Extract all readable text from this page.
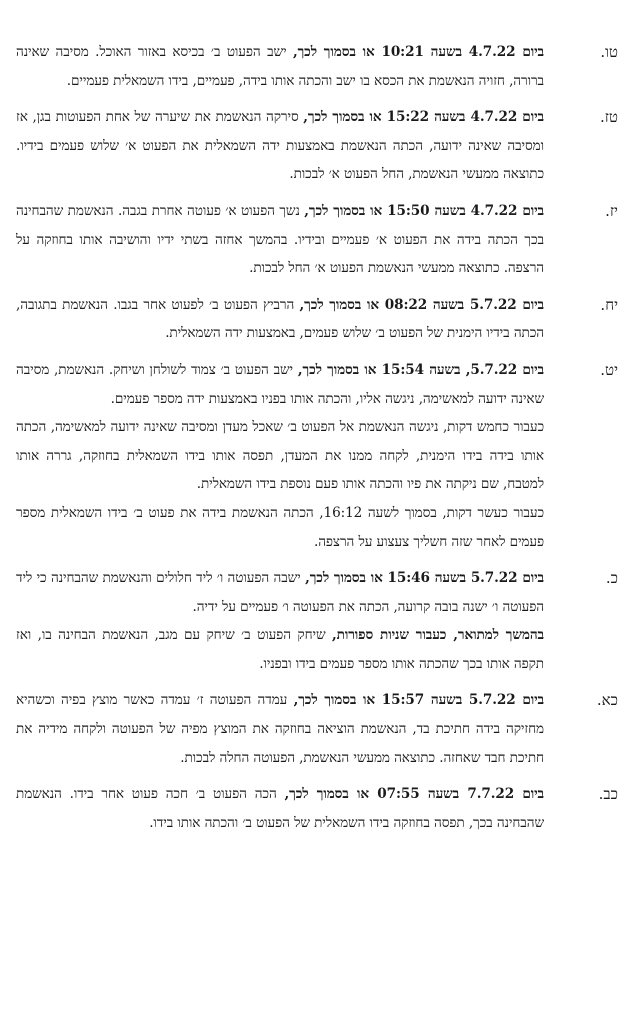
טו.

ביום 4.7.22 בשעה 10:21 או בסמוך לכך, ישב הפעוט ב׳ בכיסא באזור האוכל. מסיבה שאינה ברורה, חזויה הנאשמת את הכסא בו ישב והכתה אותו בידה, פעמיים, בידו השמאלית פעמיים.

טז.

ביום 4.7.22 בשעה 15:22 או בסמוך לכך, סירקה הנאשמת את שיערה של אחת הפעוטות בגן, אז ומסיבה שאינה ידועה, הכתה הנאשמת באמצעות ידה השמאלית את הפעוט א׳ שלוש פעמים בידיו. כתוצאה ממעשי הנאשמת, החל הפעוט א׳ לבכות.

יז.

ביום 4.7.22 בשעה 15:50 או בסמוך לכך, נשך הפעוט א׳ פעוטה אחרת בגבה. הנאשמת שהבחינה בכך הכתה בידה את הפעוט א׳ פעמיים ובידיו. בהמשך אחזה בשתי ידיו והושיבה אותו בחוזקה על הרצפה. כתוצאה ממעשי הנאשמת הפעוט א׳ החל לבכות.

יח.

ביום 5.7.22 בשעה 08:22 או בסמוך לכך, הרביץ הפעוט ב׳ לפעוט אחר בגבו. הנאשמת בתגובה, הכתה בידיו הימנית של הפעוט ב׳ שלוש פעמים, באמצעות ידה השמאלית.

יט.

ביום 5.7.22, בשעה 15:54 או בסמוך לכך, ישב הפעוט ב׳ צמוד לשולחן ושיחק. הנאשמת, מסיבה שאינה ידועה למאשימה, ניגשה אליו, והכתה אותו בפניו באמצעות ידה מספר פעמים.

כעבור כחמש דקות, ניגשה הנאשמת אל הפעוט ב׳ שאכל מעדן ומסיבה שאינה ידועה למאשימה, הכתה אותו בידה בידו הימנית, לקחה ממנו את המעדן, תפסה אותו בידו השמאלית בחוזקה, גררה אותו למטבח, שם ניקתה את פיו והכתה אותו פעם נוספת בידו השמאלית.

כעבור כעשר דקות, בסמוך לשעה 16:12, הכתה הנאשמת בידה את פעוט ב׳ בידו השמאלית מספר פעמים לאחר שזה חשליך צעצוע על הרצפה.

כ.

ביום 5.7.22 בשעה 15:46 או בסמוך לכך, ישבה הפעוטה ו׳ ליד חלולים והנאשמת שהבחינה כי ליד הפעוטה ו׳ ישנה בובה קרועה, הכתה את הפעוטה ו׳ פעמיים על ידיה.

בהמשך למתואר, כעבור שניות ספורות, שיחק הפעוט ב׳ שיחק עם מגב, הנאשמת הבחינה בו, ואז תקפה אותו בכך שהכתה אותו מספר פעמים בידו ובפניו.

כא.

ביום 5.7.22 בשעה 15:57 או בסמוך לכך, עמדה הפעוטה ז׳ עמדה כאשר מוצץ בפיה וכשהיא מחזיקה בידה חתיכת בד, הנאשמת הוציאה בחוזקה את המוצץ מפיה של הפעוטה ולקחה מידיה את חתיכת חבד שאחזה. כתוצאה ממעשי הנאשמת, הפעוטה החלה לבכות.

כב.

ביום 7.7.22 בשעה 07:55 או בסמוך לכך, הכה הפעוט ב׳ חכה פעוט אחר בידו. הנאשמת שהבחינה בכך, תפסה בחוזקה בידו השמאלית של הפעוט ב׳ והכתה אותו בידו.
